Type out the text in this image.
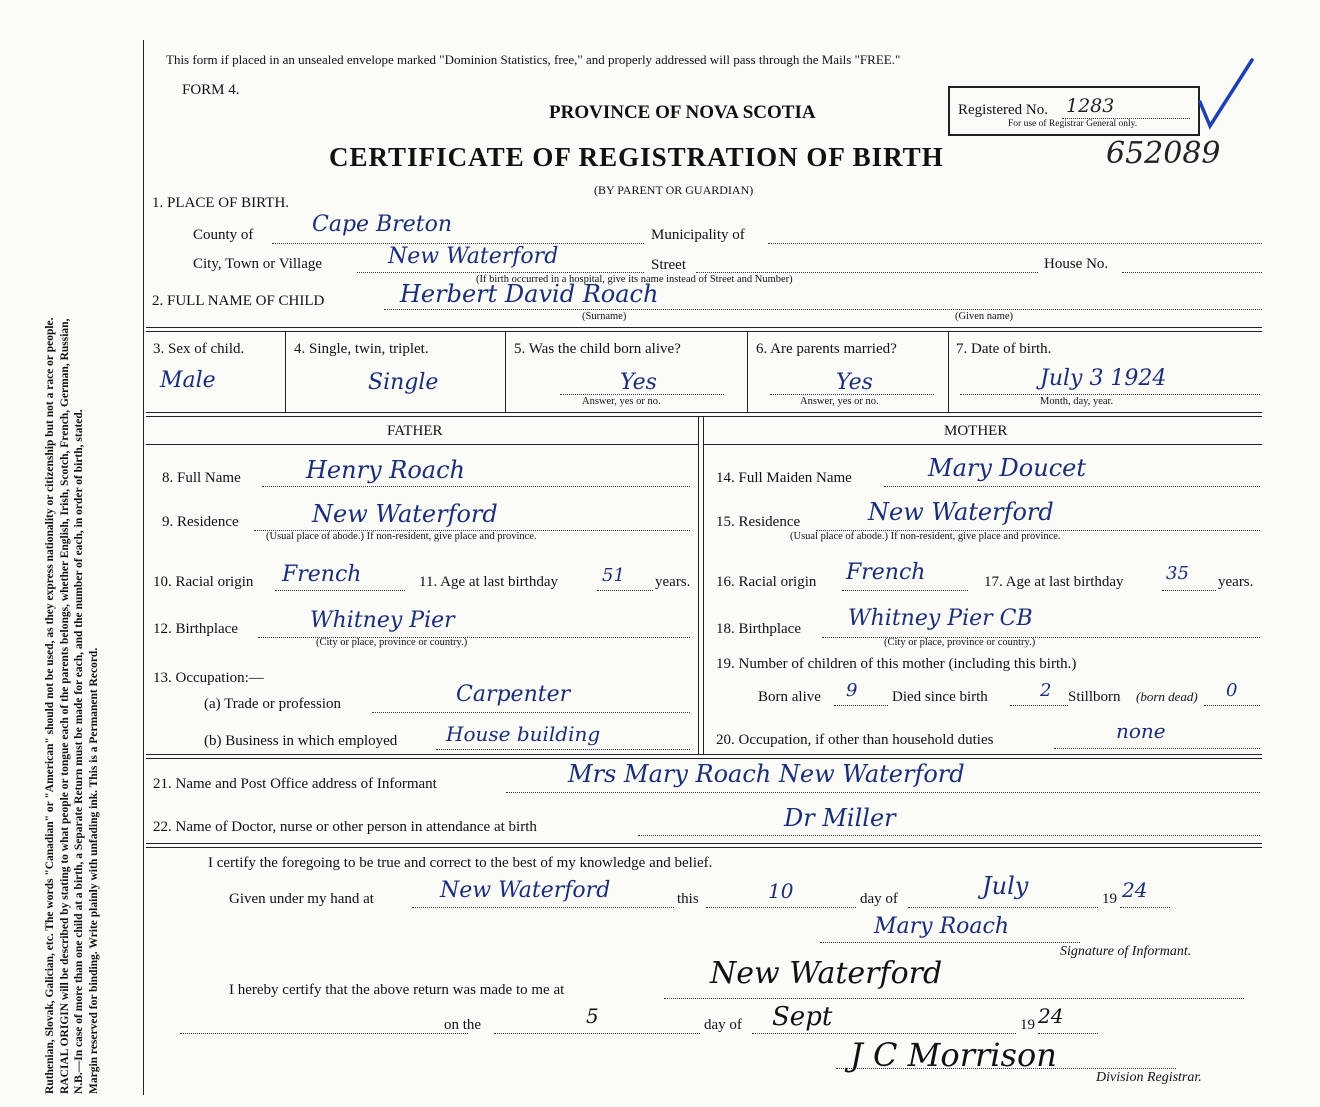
Ruthenian, Slovak, Galician, etc. The words "Canadian" or "American" should not be used, as they express nationality or citizenship but not a race or people. RACIAL ORIGIN will be described by stating to what people or tongue each of the parents belongs, whether English, Irish, Scotch, French, German, Russian, N.B.—In case of more than one child at a birth, a Separate Return must be made for each, and the number of each, in order of birth, stated. Margin reserved for binding. Write plainly with unfading ink. This is a Permanent Record.
This form if placed in an unsealed envelope marked "Dominion Statistics, free," and properly addressed will pass through the Mails "FREE."
FORM 4.
PROVINCE OF NOVA SCOTIA	Registered No. 1283
For use of Registrar General only.
CERTIFICATE OF REGISTRATION OF BIRTH	652089
(BY PARENT OR GUARDIAN)
1. PLACE OF BIRTH.
County of	Cape Breton	Municipality of
City, Town or Village	New Waterford	Street	House No.
(If birth occurred in a hospital, give its name instead of Street and Number)
2. FULL NAME OF CHILD	Herbert David Roach
(Surname)	(Given name)
3. Sex of child.
Male
4. Single, twin, triplet.
Single
5. Was the child born alive?
Yes
Answer, yes or no.
6. Are parents married?
Yes
Answer, yes or no.
7. Date of birth.
July 3 1924
Month, day, year.
FATHER	MOTHER
8. Full Name	Henry Roach
9. Residence	New Waterford
(Usual place of abode.) If non-resident, give place and province.
10. Racial origin French	11. Age at last birthday 51 years.
12. Birthplace	Whitney Pier
(City or place, province or country.)
13. Occupation:—
(a) Trade or profession	Carpenter
(b) Business in which employed House building
14. Full Maiden Name	Mary Doucet
15. Residence	New Waterford
(Usual place of abode.) If non-resident, give place and province.
16. Racial origin French	17. Age at last birthday 35 years.
18. Birthplace Whitney Pier CB
(City or place, province or country.)
19. Number of children of this mother (including this birth.)
Born alive 9 Died since birth	2 Stillborn (born dead) 0
20. Occupation, if other than household duties	none
21. Name and Post Office address of Informant	Mrs Mary Roach New Waterford
22. Name of Doctor, nurse or other person in attendance at birth	Dr Miller
I certify the foregoing to be true and correct to the best of my knowledge and belief.
Given under my hand at	New Waterford	this	10	day of	July	19 24
Mary Roach
Signature of Informant.
I hereby certify that the above return was made to me at	New Waterford
on the	5	day of Sept	19 24
J C Morrison
Division Registrar.
